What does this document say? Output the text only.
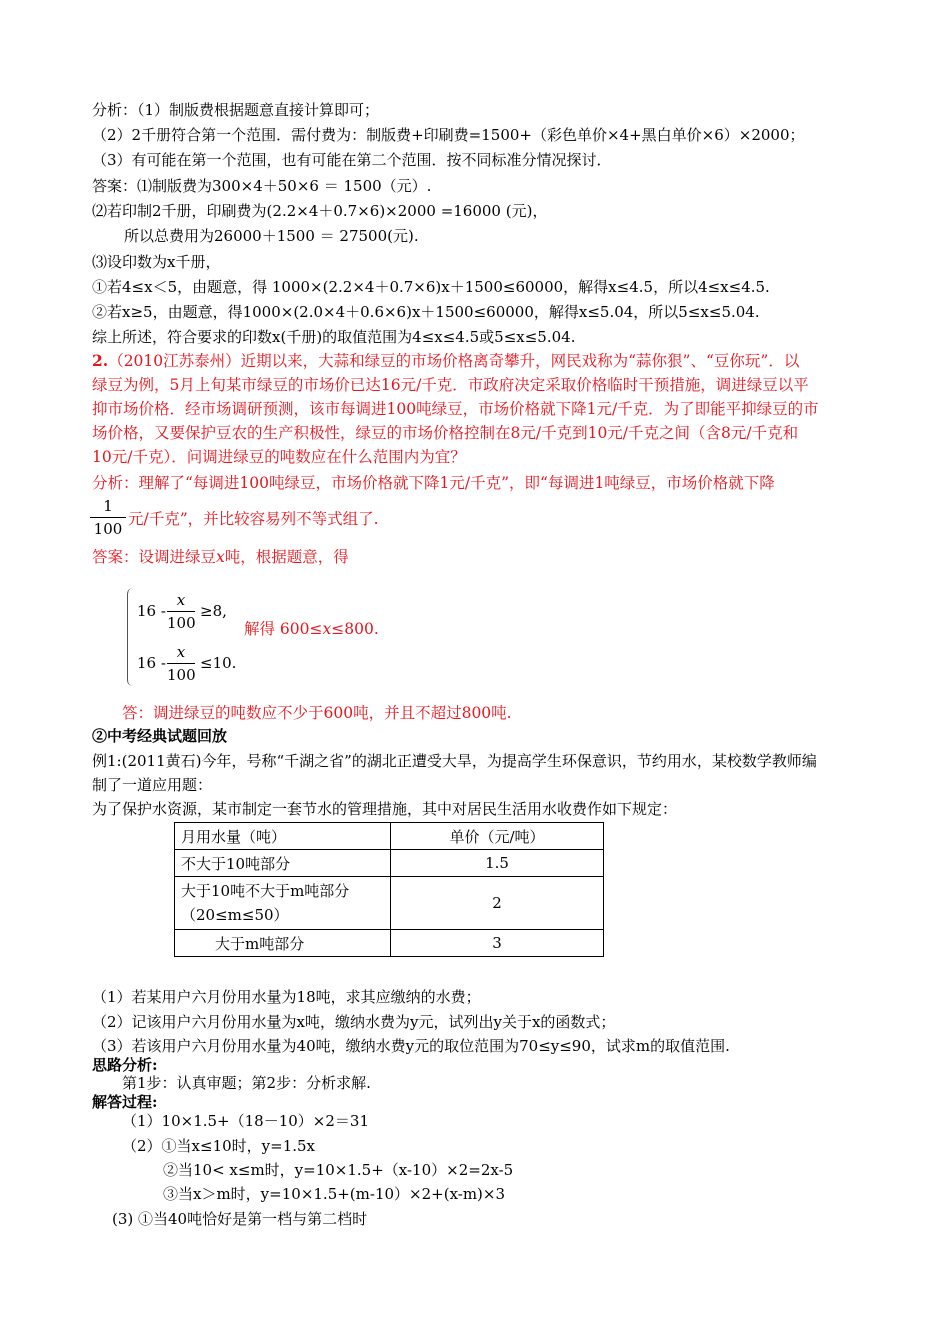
分析：（1）制版费根据题意直接计算即可；
（2）2千册符合第一个范围．需付费为：制版费+印刷费=1500+（彩色单价×4+黑白单价×6）×2000；
（3）有可能在第一个范围，也有可能在第二个范围．按不同标准分情况探讨．
答案：⑴制版费为300×4＋50×6 ＝ 1500（元）.
⑵若印制2千册，印刷费为(2.2×4＋0.7×6)×2000 =16000 (元)，
所以总费用为26000＋1500 ＝ 27500(元).
⑶设印数为x千册，
①若4≤x＜5，由题意，得 1000×(2.2×4＋0.7×6)x＋1500≤60000，解得x≤4.5，所以4≤x≤4.5.
②若x≥5，由题意，得1000×(2.0×4＋0.6×6)x＋1500≤60000，解得x≤5.04，所以5≤x≤5.04.
综上所述，符合要求的印数x(千册)的取值范围为4≤x≤4.5或5≤x≤5.04.
2.（2010江苏泰州）近期以来，大蒜和绿豆的市场价格离奇攀升，网民戏称为“蒜你狠”、“豆你玩”．以
绿豆为例，5月上旬某市绿豆的市场价已达16元/千克．市政府决定采取价格临时干预措施，调进绿豆以平
抑市场价格．经市场调研预测，该市每调进100吨绿豆，市场价格就下降1元/千克．为了即能平抑绿豆的市
场价格，又要保护豆农的生产积极性，绿豆的市场价格控制在8元/千克到10元/千克之间（含8元/千克和
10元/千克）．问调进绿豆的吨数应在什么范围内为宜？
分析：理解了“每调进100吨绿豆，市场价格就下降1元/千克”，即“每调进1吨绿豆，市场价格就下降
1
100
元/千克”，并比较容易列不等式组了.
答案：设调进绿豆x吨，根据题意，得
16 -
x
100
≥8,
16 -
x
100
≤10.
解得 600≤x≤800.
答：调进绿豆的吨数应不少于600吨，并且不超过800吨.
②中考经典试题回放
例1:(2011黄石)今年，号称“千湖之省”的湖北正遭受大旱，为提高学生环保意识，节约用水，某校数学教师编
制了一道应用题：
为了保护水资源，某市制定一套节水的管理措施，其中对居民生活用水收费作如下规定：
月用水量（吨）	单价（元/吨）
不大于10吨部分	1.5

大于10吨不大于m吨部分
（20≤m≤50）	2
大于m吨部分	3
（1）若某用户六月份用水量为18吨，求其应缴纳的水费；
（2）记该用户六月份用水量为x吨，缴纳水费为y元，试列出y关于x的函数式；
（3）若该用户六月份用水量为40吨，缴纳水费y元的取位范围为70≤y≤90，试求m的取值范围.
思路分析:
第1步：认真审题；第2步：分析求解.
解答过程:
（1）10×1.5+（18－10）×2＝31
（2）①当x≤10时，y=1.5x
②当10< x≤m时，y=10×1.5+（x-10）×2=2x-5
③当x＞m时，y=10×1.5+(m-10）×2+(x-m)×3
(3) ①当40吨恰好是第一档与第二档时
